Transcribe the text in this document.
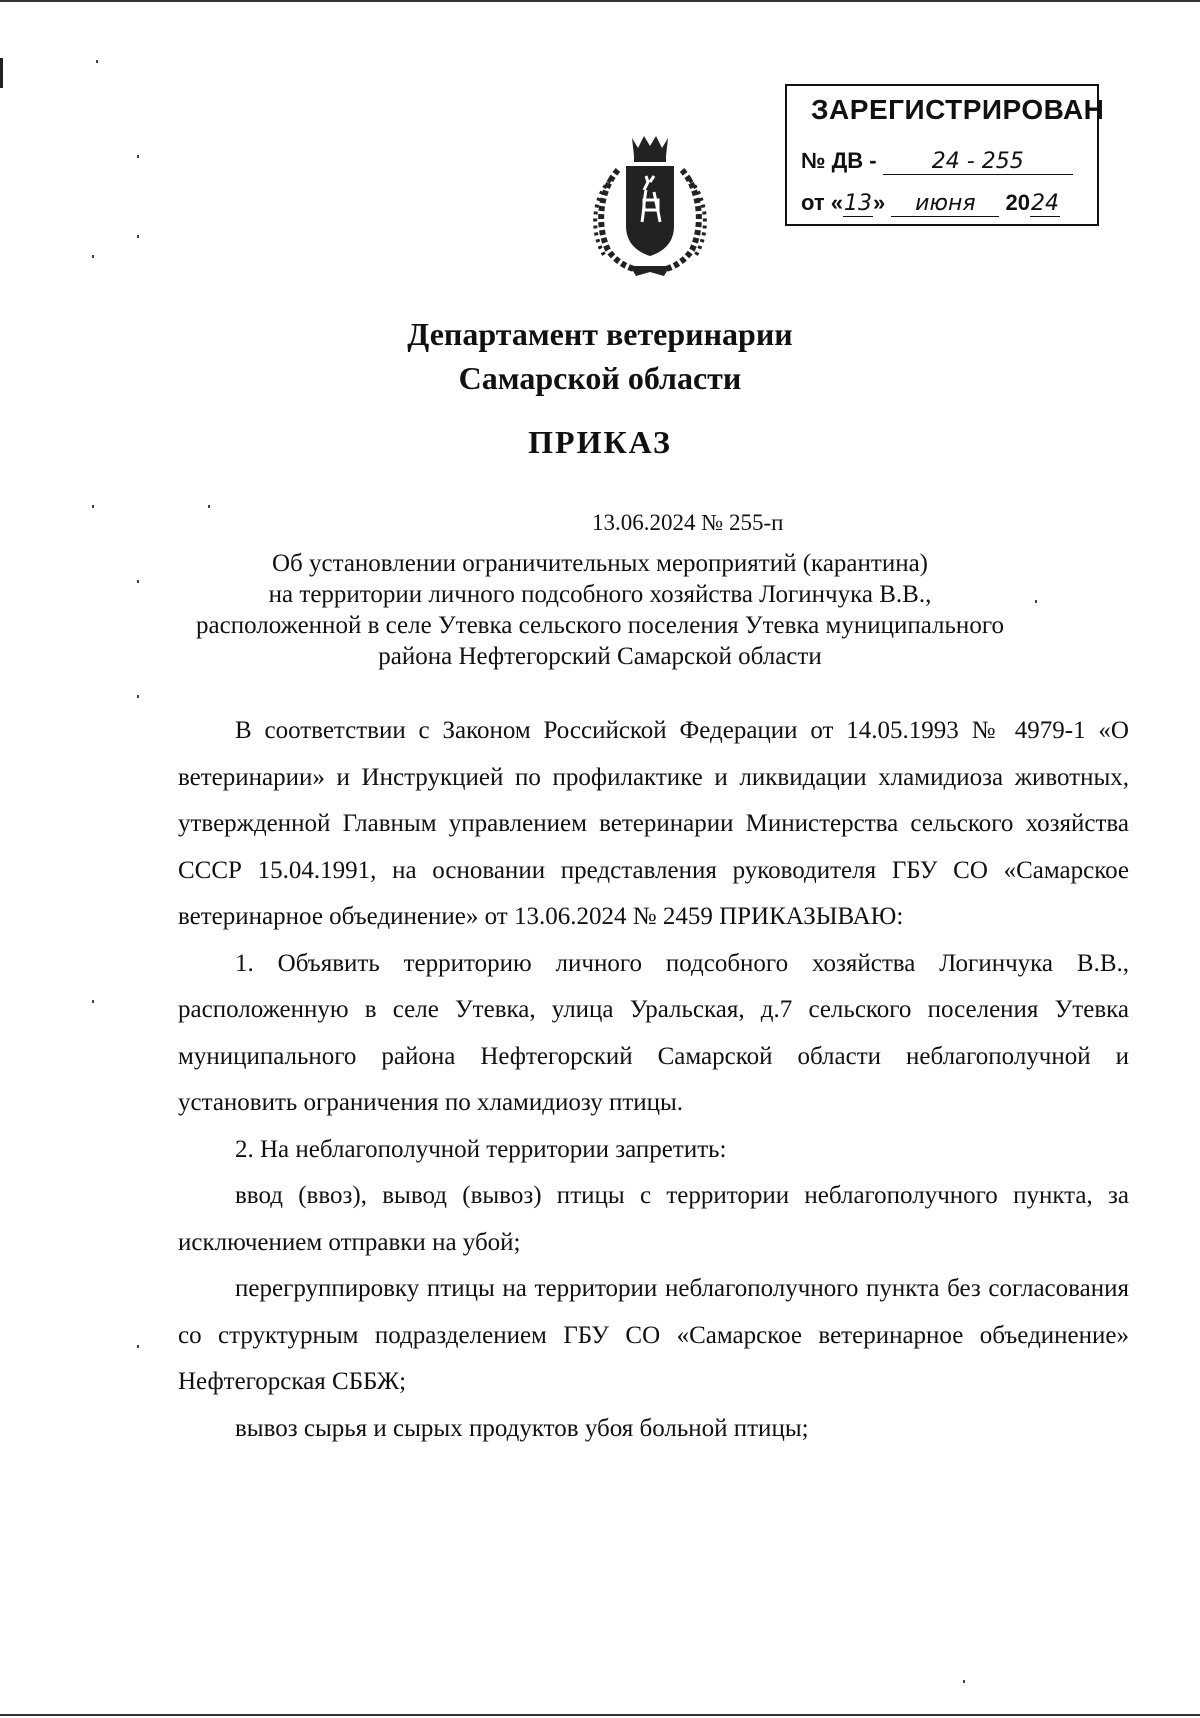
ЗАРЕГИСТРИРОВАН
№ ДВ -	24 - 255
от «13» июня 2024
Департамент ветеринарии
Самарской области
ПРИКАЗ
13.06.2024 № 255-п
Об установлении ограничительных мероприятий (карантина)
на территории личного подсобного хозяйства Логинчука В.В.,
расположенной в селе Утевка сельского поселения Утевка муниципального
района Нефтегорский Самарской области

В соответствии с Законом Российской Федерации от 14.05.1993 № 4979-1 «О ветеринарии» и Инструкцией по профилактике и ликвидации хламидиоза животных, утвержденной Главным управлением ветеринарии Министерства сельского хозяйства СССР 15.04.1991, на основании представления руководителя ГБУ СО «Самарское ветеринарное объединение» от 13.06.2024 № 2459 ПРИКАЗЫВАЮ:

1. Объявить территорию личного подсобного хозяйства Логинчука В.В., расположенную в селе Утевка, улица Уральская, д.7 сельского поселения Утевка муниципального района Нефтегорский Самарской области неблагополучной и установить ограничения по хламидиозу птицы.

2. На неблагополучной территории запретить:

ввод (ввоз), вывод (вывоз) птицы с территории неблагополучного пункта, за исключением отправки на убой;

перегруппировку птицы на территории неблагополучного пункта без согласования со структурным подразделением ГБУ СО «Самарское ветеринарное объединение» Нефтегорская СББЖ;

вывоз сырья и сырых продуктов убоя больной птицы;
